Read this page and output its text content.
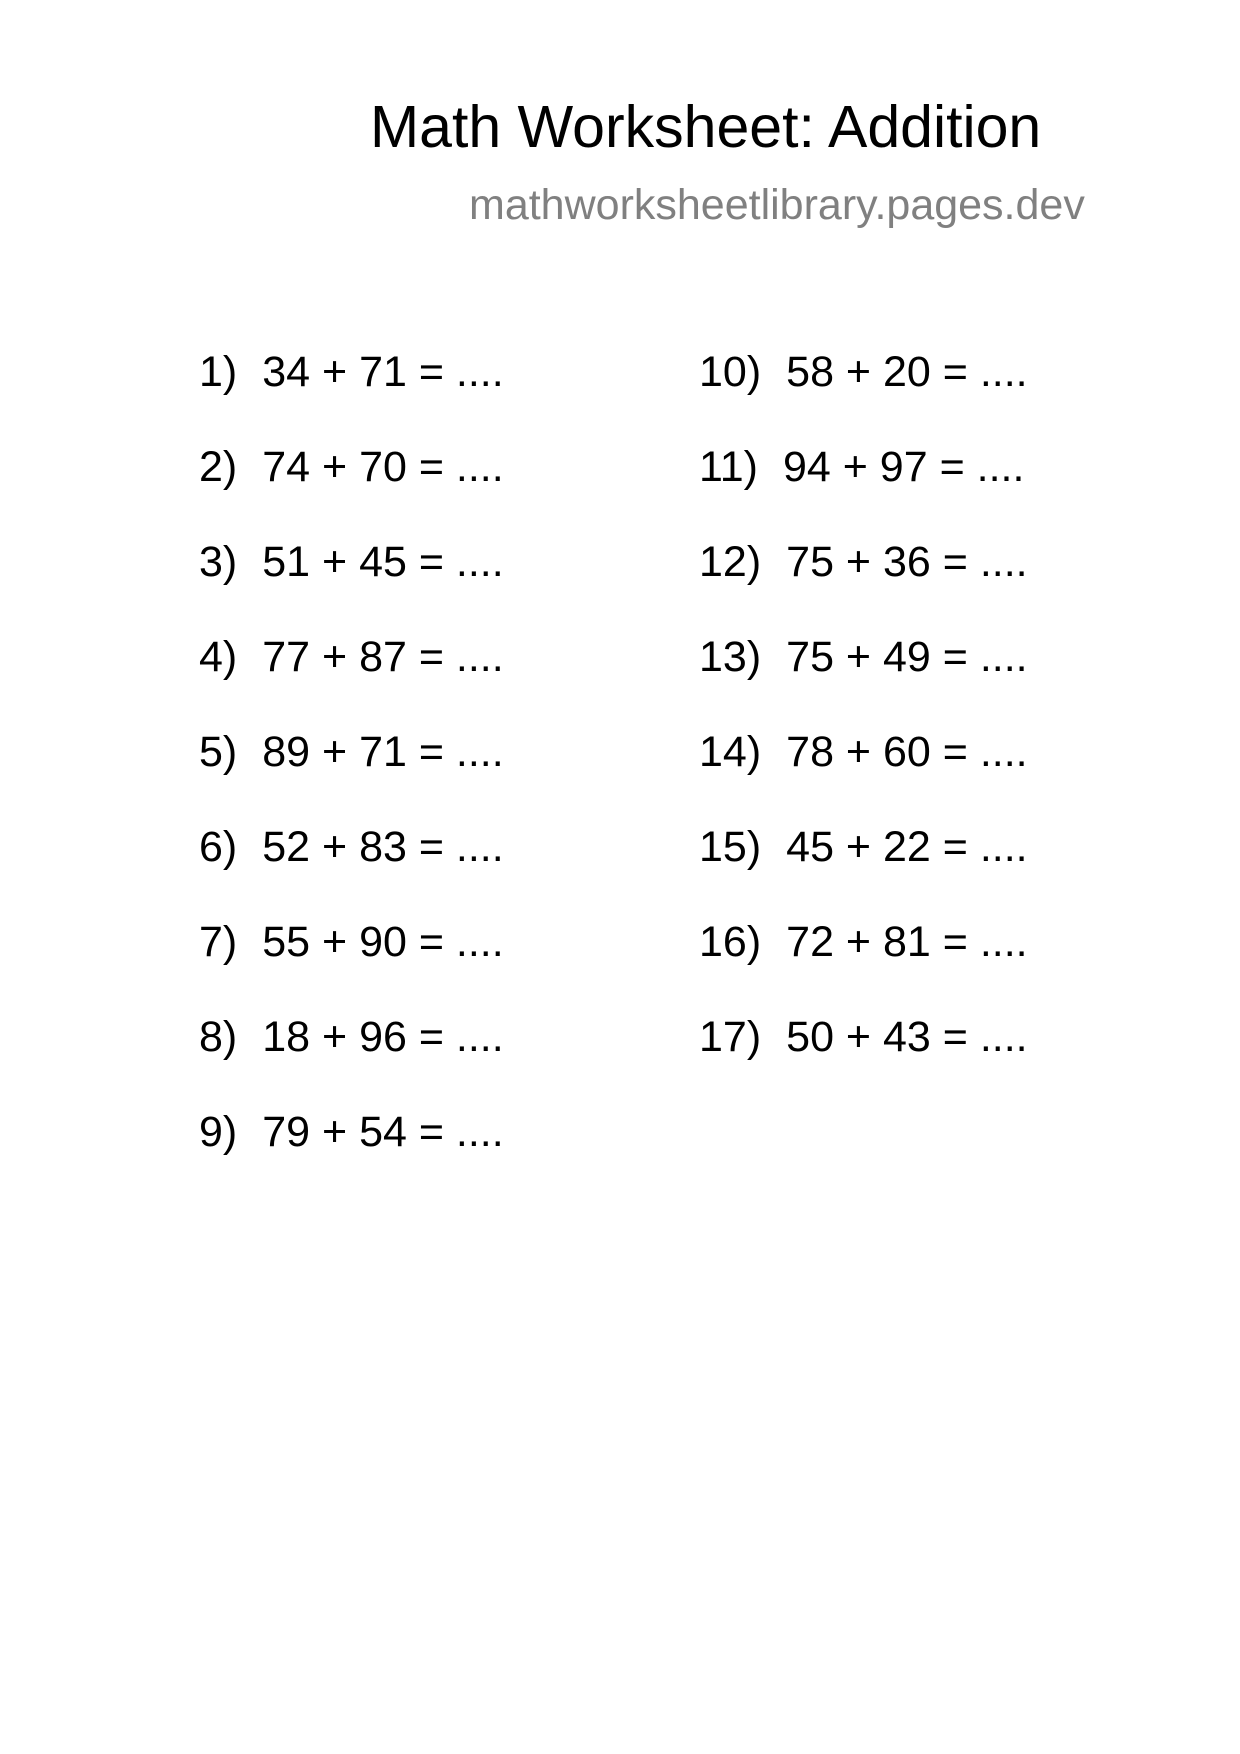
Math Worksheet: Addition
mathworksheetlibrary.pages.dev
1) 34 + 71 = ....
2) 74 + 70 = ....
3) 51 + 45 = ....
4) 77 + 87 = ....
5) 89 + 71 = ....
6) 52 + 83 = ....
7) 55 + 90 = ....
8) 18 + 96 = ....
9) 79 + 54 = ....
10) 58 + 20 = ....
11) 94 + 97 = ....
12) 75 + 36 = ....
13) 75 + 49 = ....
14) 78 + 60 = ....
15) 45 + 22 = ....
16) 72 + 81 = ....
17) 50 + 43 = ....
